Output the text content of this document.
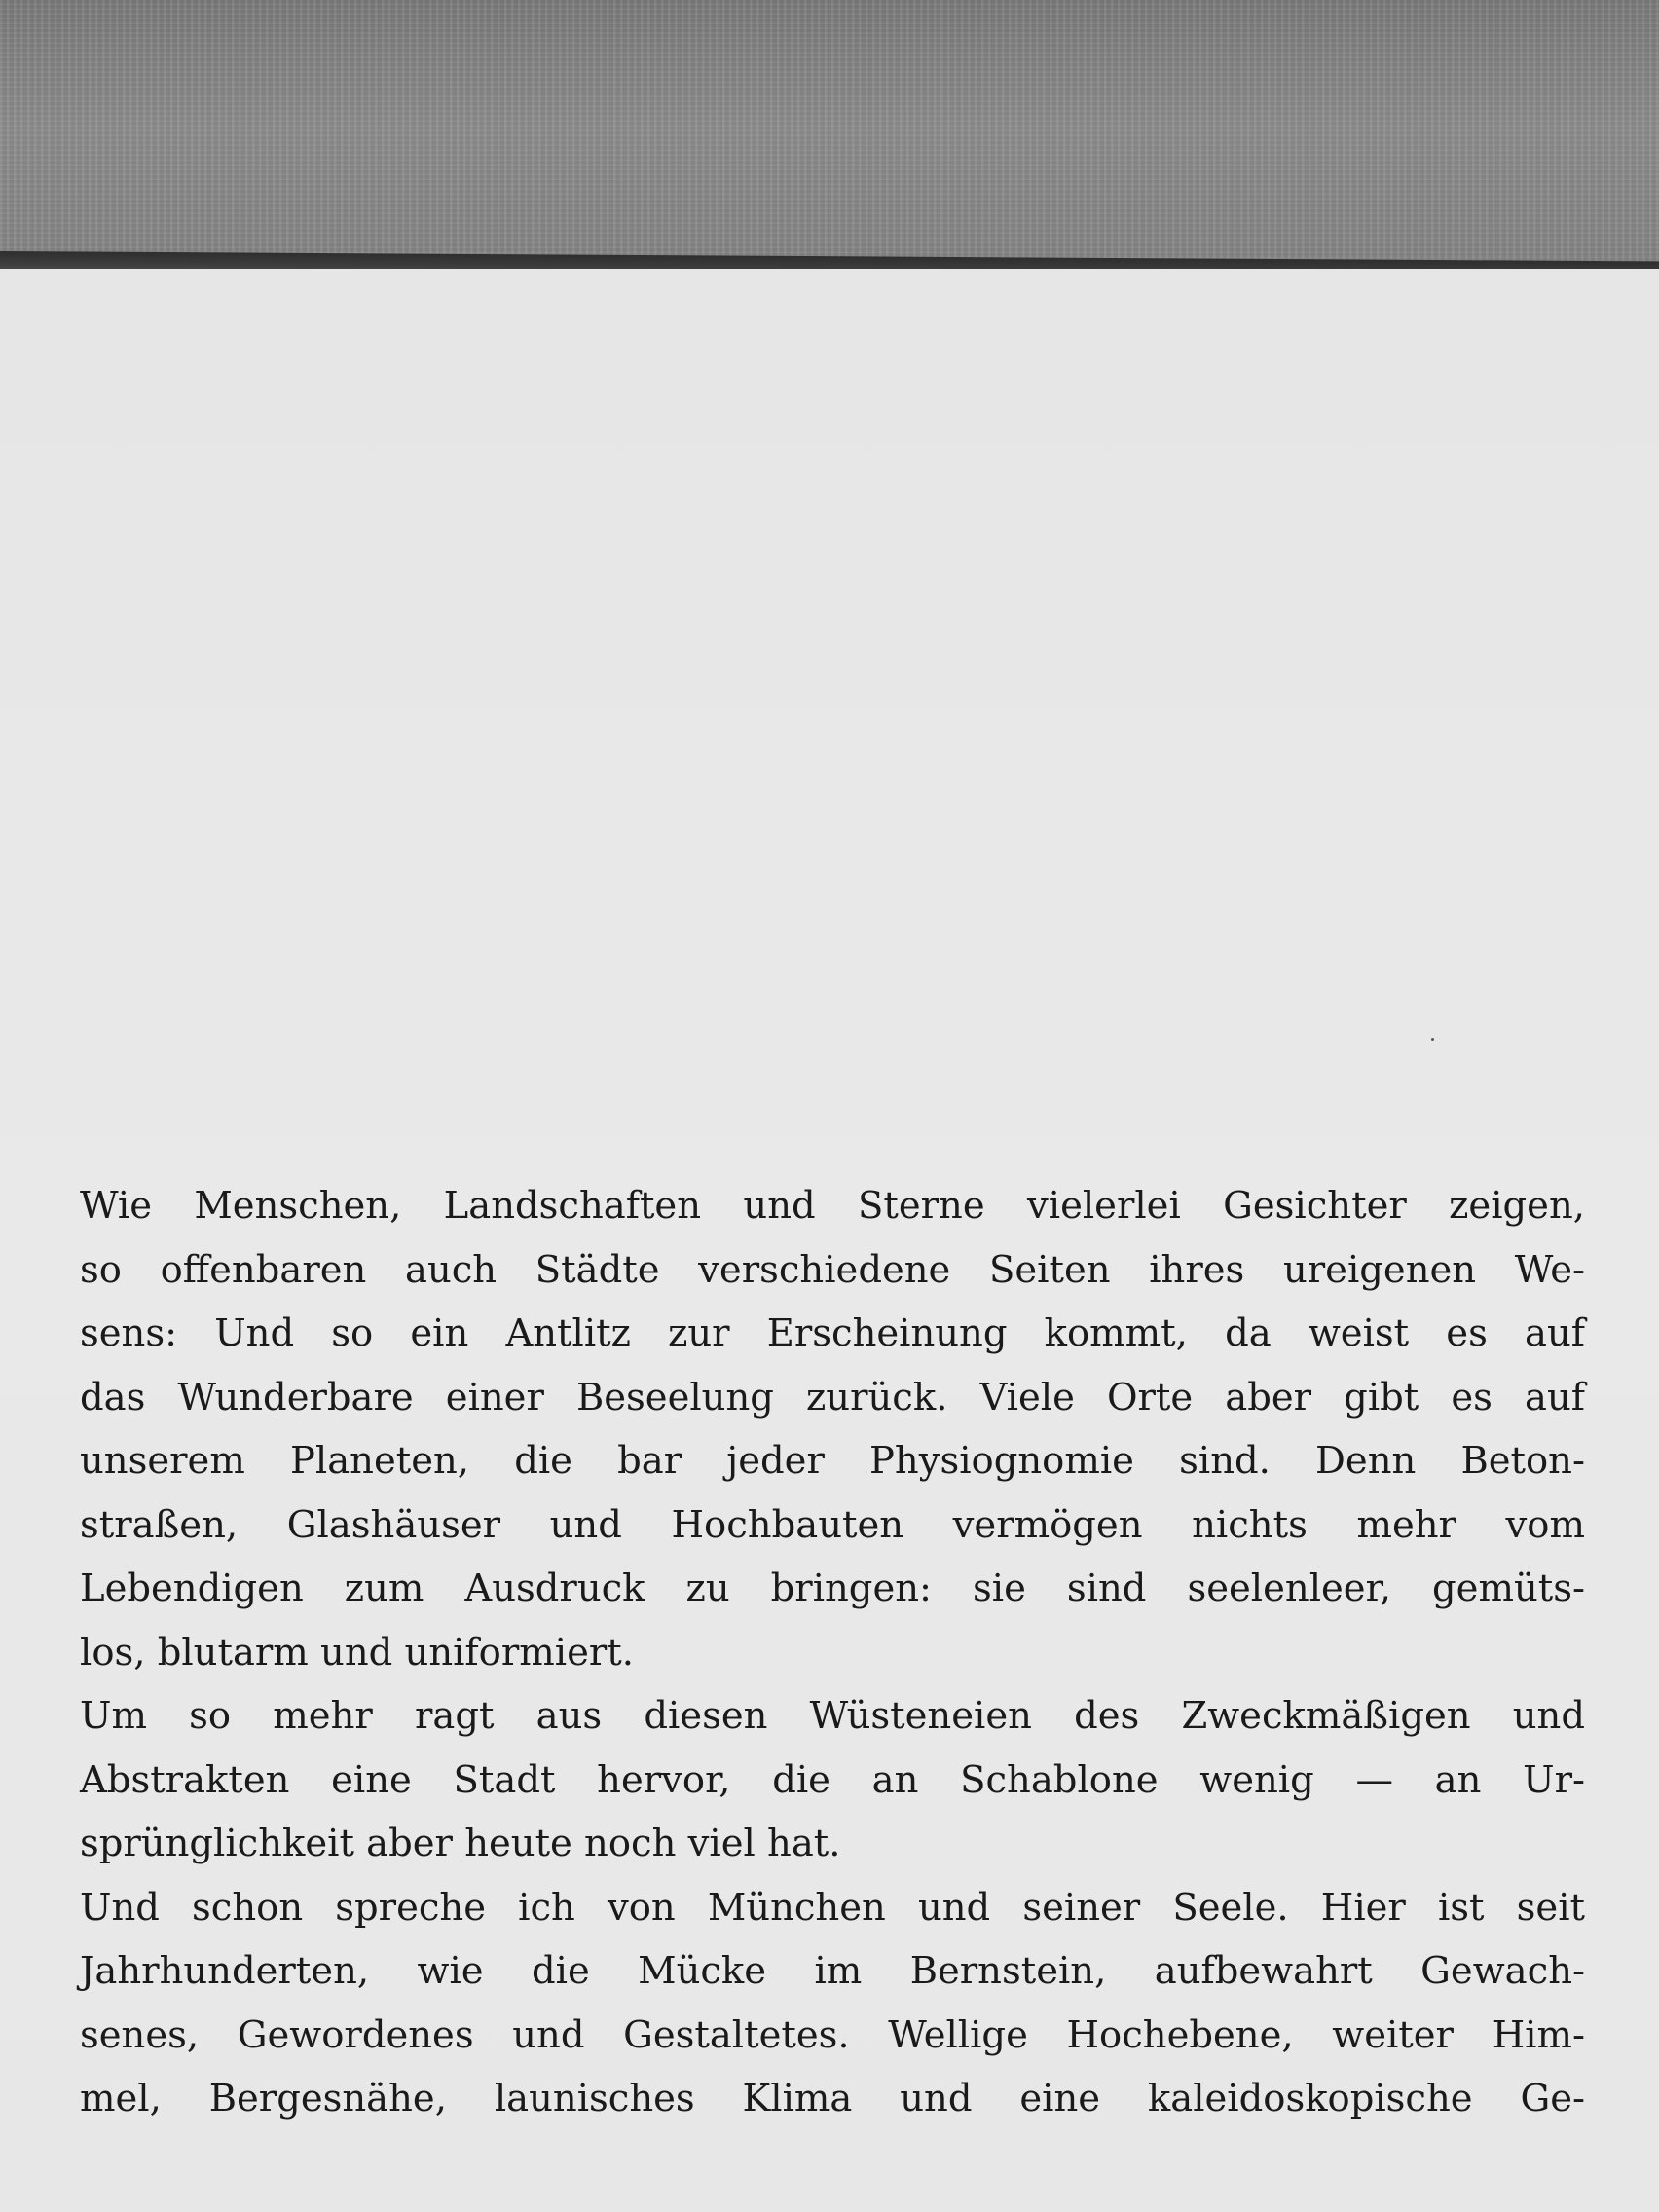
Wie Menschen, Landschaften und Sterne vielerlei Gesichter zeigen,
so offenbaren auch Städte verschiedene Seiten ihres ureigenen We-
sens: Und so ein Antlitz zur Erscheinung kommt, da weist es auf
das Wunderbare einer Beseelung zurück. Viele Orte aber gibt es auf
unserem Planeten, die bar jeder Physiognomie sind. Denn Beton-
straßen, Glashäuser und Hochbauten vermögen nichts mehr vom
Lebendigen zum Ausdruck zu bringen: sie sind seelenleer, gemüts-
los, blutarm und uniformiert.
Um so mehr ragt aus diesen Wüsteneien des Zweckmäßigen und
Abstrakten eine Stadt hervor, die an Schablone wenig — an Ur-
sprünglichkeit aber heute noch viel hat.
Und schon spreche ich von München und seiner Seele. Hier ist seit
Jahrhunderten, wie die Mücke im Bernstein, aufbewahrt Gewach-
senes, Gewordenes und Gestaltetes. Wellige Hochebene, weiter Him-
mel, Bergesnähe, launisches Klima und eine kaleidoskopische Ge-
